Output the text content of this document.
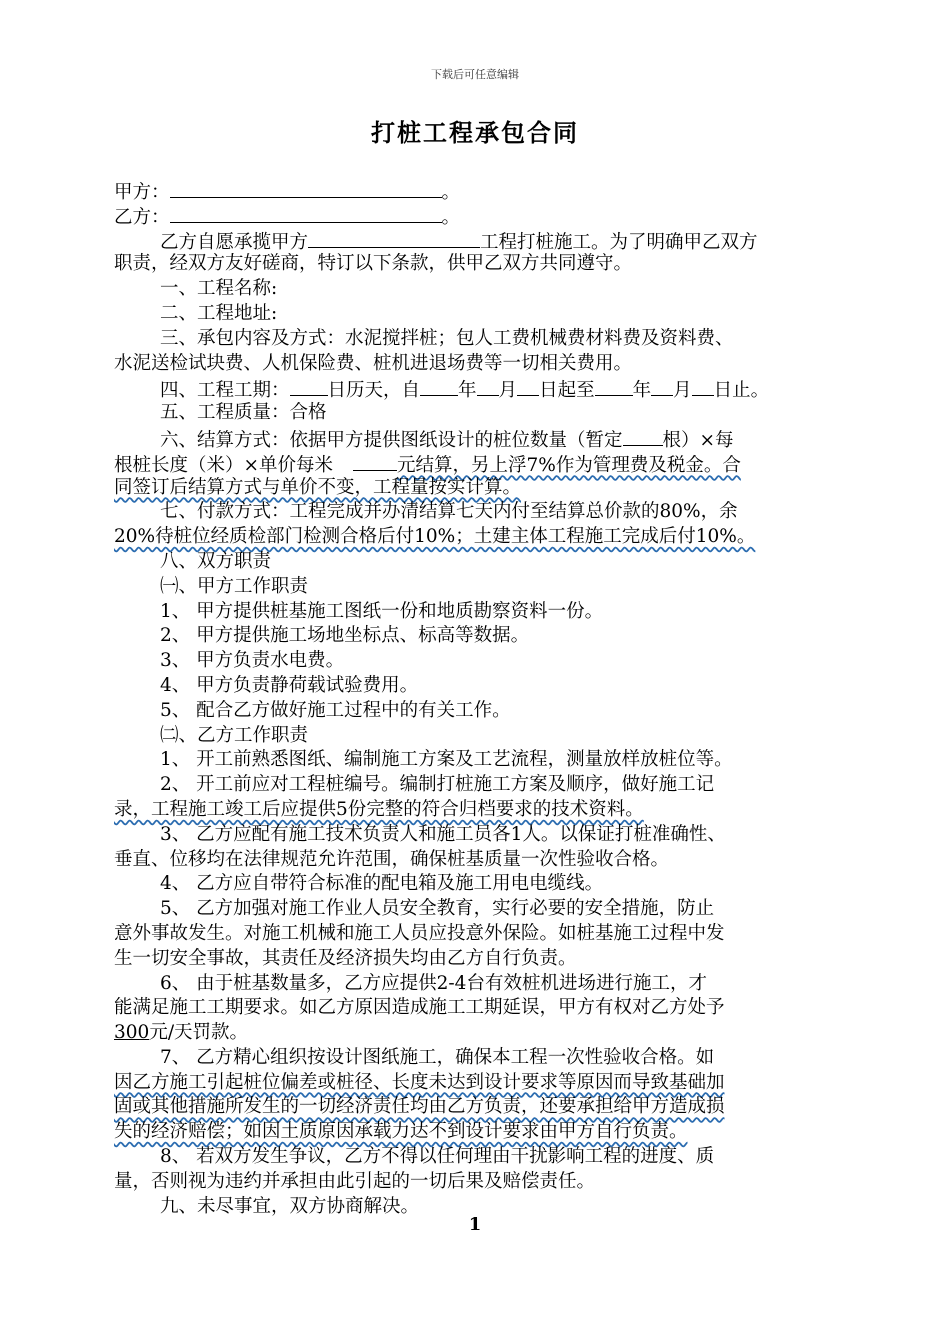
下载后可任意编辑
打桩工程承包合同
甲方：	。
乙方：	。
乙方自愿承揽甲方	工程打桩施工。为了明确甲乙双方
职责，经双方友好磋商，特订以下条款，供甲乙双方共同遵守。
一、工程名称:
二、工程地址:
三、承包内容及方式：水泥搅拌桩；包人工费机械费材料费及资料费、
水泥送检试块费、人机保险费、桩机进退场费等一切相关费用。
四、工程工期： 日历天，自 年 月 日起至 年 月 日止。
五、工程质量：合格
六、结算方式：依据甲方提供图纸设计的桩位数量（暂定 根）×每
根桩长度（米）×单价每米	元结算，另上浮7%作为管理费及税金。合
同签订后结算方式与单价不变，工程量按实计算。
七、付款方式：工程完成并办清结算七天内付至结算总价款的80%，余
20%待桩位经质检部门检测合格后付10%；土建主体工程施工完成后付10%。
八、双方职责
㈠、甲方工作职责
1、 甲方提供桩基施工图纸一份和地质勘察资料一份。
2、 甲方提供施工场地坐标点、标高等数据。
3、 甲方负责水电费。
4、 甲方负责静荷载试验费用。
5、 配合乙方做好施工过程中的有关工作。
㈡、乙方工作职责
1、 开工前熟悉图纸、编制施工方案及工艺流程，测量放样放桩位等。
2、 开工前应对工程桩编号。编制打桩施工方案及顺序，做好施工记
录，工程施工竣工后应提供5份完整的符合归档要求的技术资料。
3、 乙方应配有施工技术负责人和施工员各1人。以保证打桩准确性、
垂直、位移均在法律规范允许范围，确保桩基质量一次性验收合格。
4、 乙方应自带符合标准的配电箱及施工用电电缆线。
5、 乙方加强对施工作业人员安全教育，实行必要的安全措施，防止
意外事故发生。对施工机械和施工人员应投意外保险。如桩基施工过程中发
生一切安全事故，其责任及经济损失均由乙方自行负责。
6、 由于桩基数量多，乙方应提供2-4台有效桩机进场进行施工，才
能满足施工工期要求。如乙方原因造成施工工期延误，甲方有权对乙方处予
300元/天罚款。
7、 乙方精心组织按设计图纸施工，确保本工程一次性验收合格。如
因乙方施工引起桩位偏差或桩径、长度未达到设计要求等原因而导致基础加
固或其他措施所发生的一切经济责任均由乙方负责，还要承担给甲方造成损
失的经济赔偿；如因土质原因承载力达不到设计要求由甲方自行负责。
8、 若双方发生争议，乙方不得以任何理由干扰影响工程的进度、质
量，否则视为违约并承担由此引起的一切后果及赔偿责任。
九、未尽事宜，双方协商解决。
1
